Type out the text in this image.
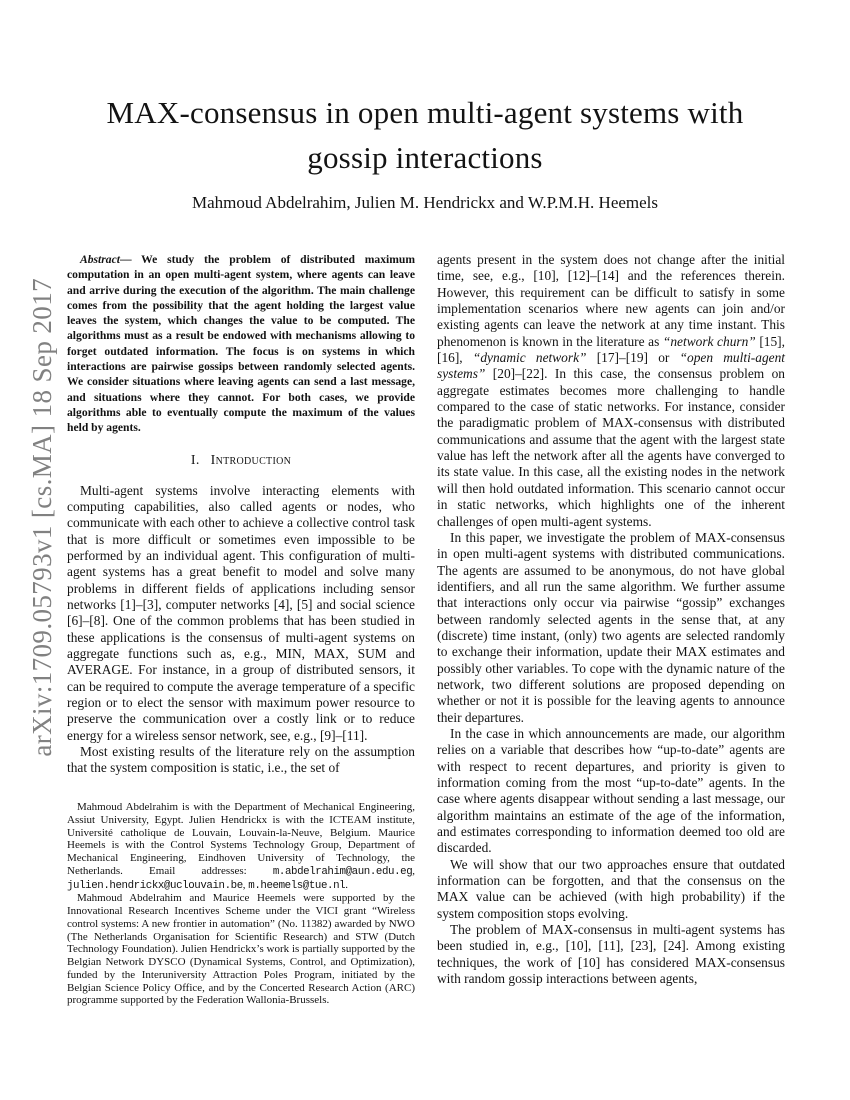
arXiv:1709.05793v1 [cs.MA] 18 Sep 2017
MAX-consensus in open multi-agent systems with gossip interactions
Mahmoud Abdelrahim, Julien M. Hendrickx and W.P.M.H. Heemels

Abstract— We study the problem of distributed maximum computation in an open multi-agent system, where agents can leave and arrive during the execution of the algorithm. The main challenge comes from the possibility that the agent holding the largest value leaves the system, which changes the value to be computed. The algorithms must as a result be endowed with mechanisms allowing to forget outdated information. The focus is on systems in which interactions are pairwise gossips between randomly selected agents. We consider situations where leaving agents can send a last message, and situations where they cannot. For both cases, we provide algorithms able to eventually compute the maximum of the values held by agents.

I. Introduction

Multi-agent systems involve interacting elements with computing capabilities, also called agents or nodes, who communicate with each other to achieve a collective control task that is more difficult or sometimes even impossible to be performed by an individual agent. This configuration of multi-agent systems has a great benefit to model and solve many problems in different fields of applications including sensor networks [1]–[3], computer networks [4], [5] and social science [6]–[8]. One of the common problems that has been studied in these applications is the consensus of multi-agent systems on aggregate functions such as, e.g., MIN, MAX, SUM and AVERAGE. For instance, in a group of distributed sensors, it can be required to compute the average temperature of a specific region or to elect the sensor with maximum power resource to preserve the communication over a costly link or to reduce energy for a wireless sensor network, see, e.g., [9]–[11].

Most existing results of the literature rely on the assumption that the system composition is static, i.e., the set of

Mahmoud Abdelrahim is with the Department of Mechanical Engineering, Assiut University, Egypt. Julien Hendrickx is with the ICTEAM institute, Université catholique de Louvain, Louvain-la-Neuve, Belgium. Maurice Heemels is with the Control Systems Technology Group, Department of Mechanical Engineering, Eindhoven University of Technology, the Netherlands. Email addresses: m.abdelrahim@aun.edu.eg, julien.hendrickx@uclouvain.be, m.heemels@tue.nl.

Mahmoud Abdelrahim and Maurice Heemels were supported by the Innovational Research Incentives Scheme under the VICI grant “Wireless control systems: A new frontier in automation” (No. 11382) awarded by NWO (The Netherlands Organisation for Scientific Research) and STW (Dutch Technology Foundation). Julien Hendrickx’s work is partially supported by the Belgian Network DYSCO (Dynamical Systems, Control, and Optimization), funded by the Interuniversity Attraction Poles Program, initiated by the Belgian Science Policy Office, and by the Concerted Research Action (ARC) programme supported by the Federation Wallonia-Brussels.

agents present in the system does not change after the initial time, see, e.g., [10], [12]–[14] and the references therein. However, this requirement can be difficult to satisfy in some implementation scenarios where new agents can join and/or existing agents can leave the network at any time instant. This phenomenon is known in the literature as “network churn” [15], [16], “dynamic network” [17]–[19] or “open multi-agent systems” [20]–[22]. In this case, the consensus problem on aggregate estimates becomes more challenging to handle compared to the case of static networks. For instance, consider the paradigmatic problem of MAX-consensus with distributed communications and assume that the agent with the largest state value has left the network after all the agents have converged to its state value. In this case, all the existing nodes in the network will then hold outdated information. This scenario cannot occur in static networks, which highlights one of the inherent challenges of open multi-agent systems.

In this paper, we investigate the problem of MAX-consensus in open multi-agent systems with distributed communications. The agents are assumed to be anonymous, do not have global identifiers, and all run the same algorithm. We further assume that interactions only occur via pairwise “gossip” exchanges between randomly selected agents in the sense that, at any (discrete) time instant, (only) two agents are selected randomly to exchange their information, update their MAX estimates and possibly other variables. To cope with the dynamic nature of the network, two different solutions are proposed depending on whether or not it is possible for the leaving agents to announce their departures.

In the case in which announcements are made, our algorithm relies on a variable that describes how “up-to-date” agents are with respect to recent departures, and priority is given to information coming from the most “up-to-date” agents. In the case where agents disappear without sending a last message, our algorithm maintains an estimate of the age of the information, and estimates corresponding to information deemed too old are discarded.

We will show that our two approaches ensure that outdated information can be forgotten, and that the consensus on the MAX value can be achieved (with high probability) if the system composition stops evolving.

The problem of MAX-consensus in multi-agent systems has been studied in, e.g., [10], [11], [23], [24]. Among existing techniques, the work of [10] has considered MAX-consensus with random gossip interactions between agents,
